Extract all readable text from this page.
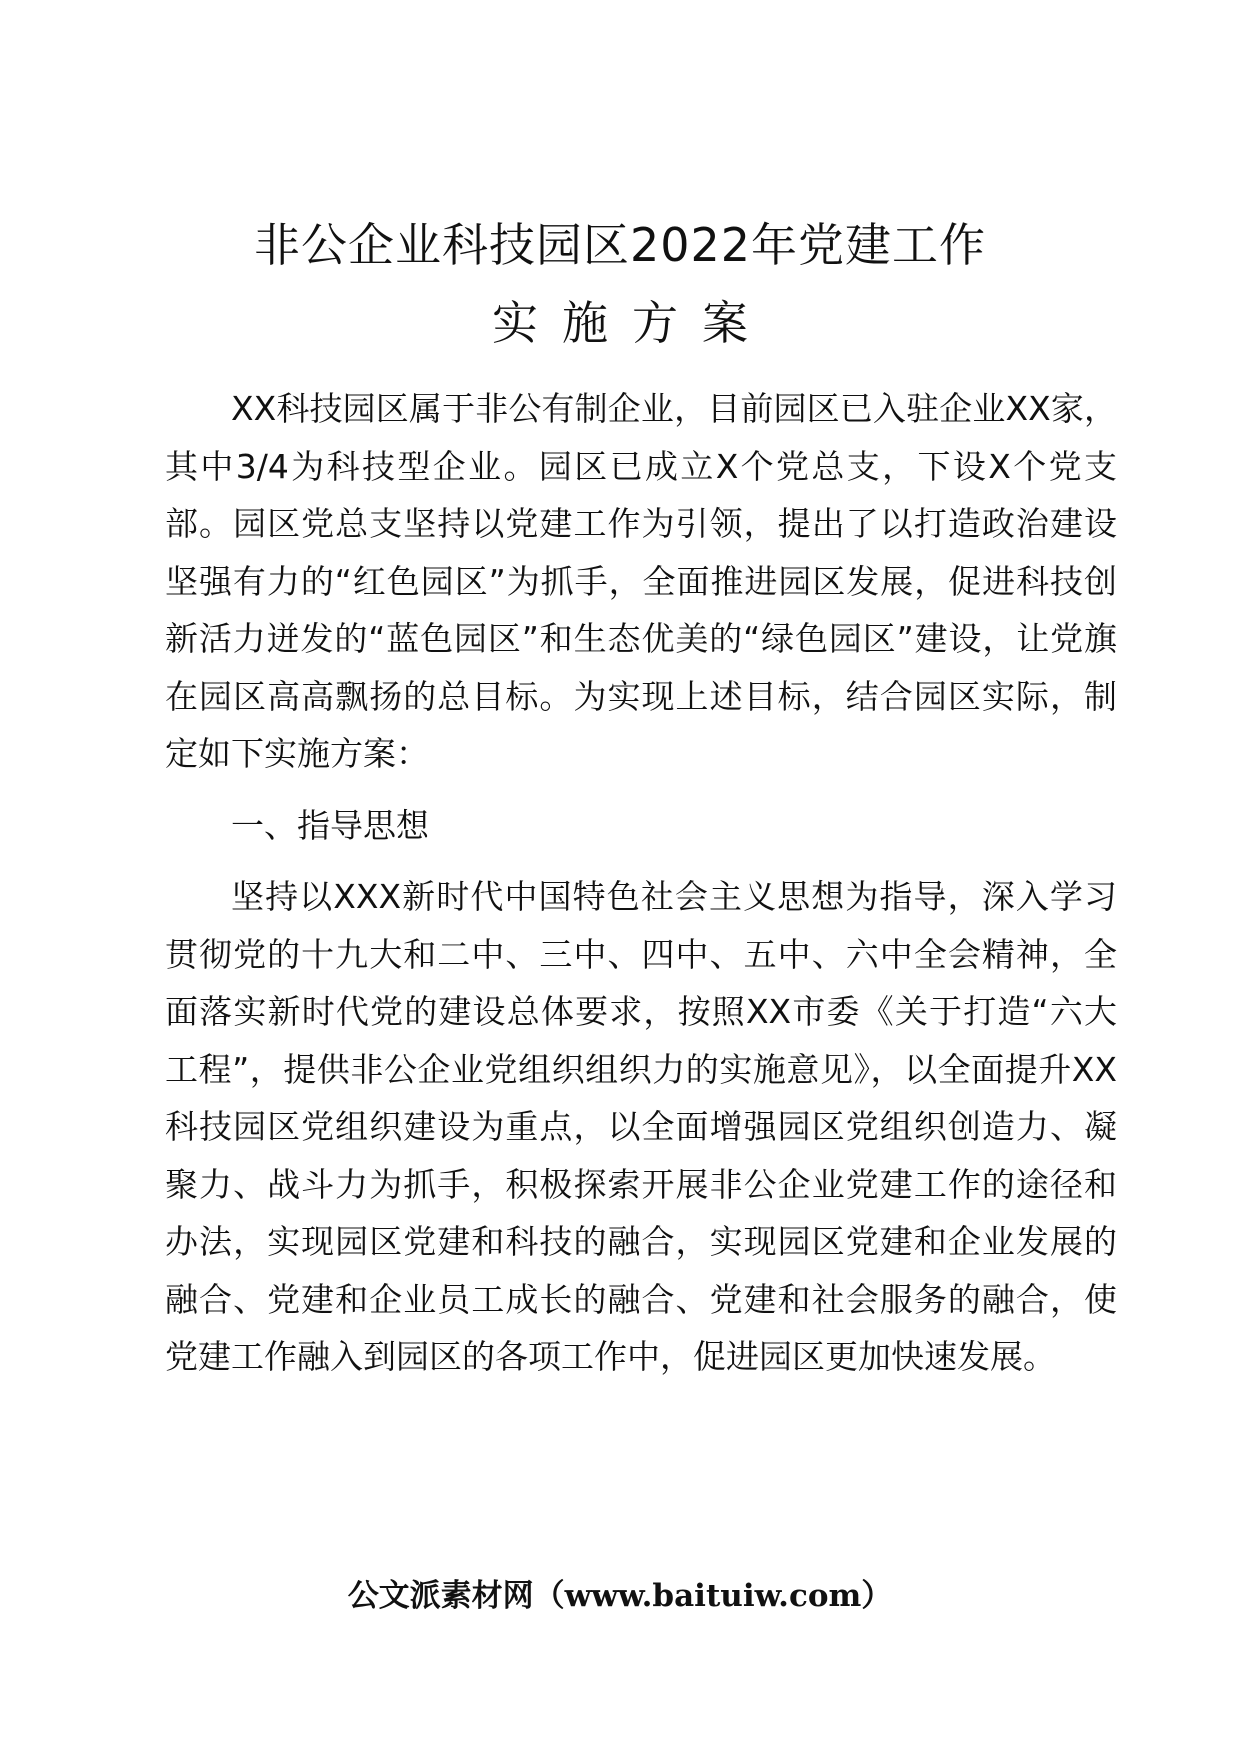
非公企业科技园区2022年党建工作
实施方案

XX科技园区属于非公有制企业，目前园区已入驻企业XX家，其中3/4为科技型企业。园区已成立X个党总支，下设X个党支部。园区党总支坚持以党建工作为引领，提出了以打造政治建设坚强有力的“红色园区”为抓手，全面推进园区发展，促进科技创新活力迸发的“蓝色园区”和生态优美的“绿色园区”建设，让党旗在园区高高飘扬的总目标。为实现上述目标，结合园区实际，制定如下实施方案：

一、指导思想

坚持以XXX新时代中国特色社会主义思想为指导，深入学习贯彻党的十九大和二中、三中、四中、五中、六中全会精神，全面落实新时代党的建设总体要求，按照XX市委《关于打造“六大工程”，提供非公企业党组织组织力的实施意见》，以全面提升XX科技园区党组织建设为重点，以全面增强园区党组织创造力、凝聚力、战斗力为抓手，积极探索开展非公企业党建工作的途径和办法，实现园区党建和科技的融合，实现园区党建和企业发展的融合、党建和企业员工成长的融合、党建和社会服务的融合，使党建工作融入到园区的各项工作中，促进园区更加快速发展。

公文派素材网（www.baituiw.com）
